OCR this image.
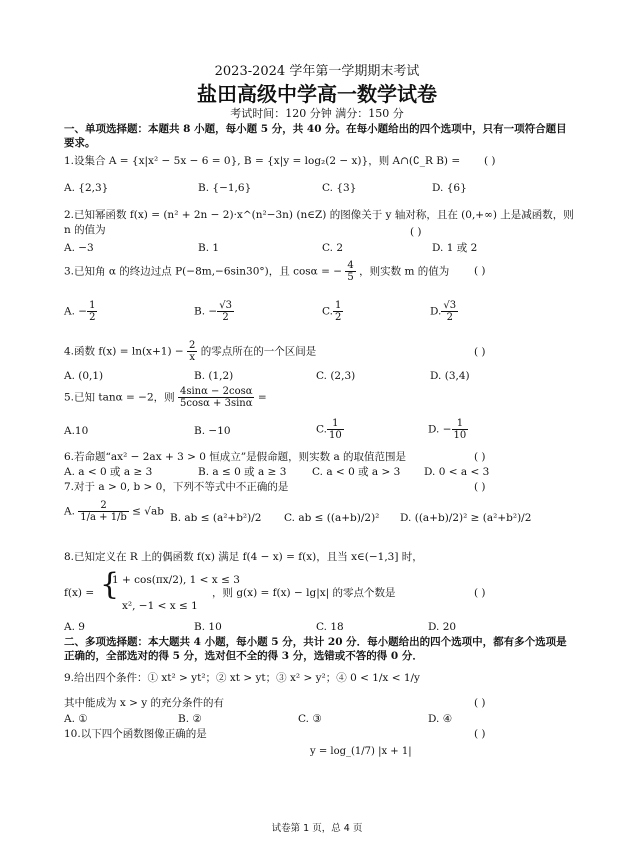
2023-2024 学年第一学期期末考试
盐田高级中学高一数学试卷
考试时间：120 分钟 满分：150 分
一、单项选择题：本题共 8 小题，每小题 5 分，共 40 分。在每小题给出的四个选项中，只有一项符合题目要求。
1.设集合 A = {x|x² − 5x − 6 = 0}, B = {x|y = log₂(2 − x)}，则 A∩(∁_R B) = ( )
A. {2,3}	B. {−1,6}	C. {3}	D. {6}
2.已知幂函数 f(x) = (n² + 2n − 2)·x^(n²−3n) (n∈Z) 的图像关于 y 轴对称，且在 (0,+∞) 上是减函数，则 n 的值为	( )
A. −3	B. 1	C. 2	D. 1 或 2
3.已知角 α 的终边过点 P(−8m,−6sin30°)，且 cosα = − $\frac{4}{5}$ ，则实数 m 的值为 ( )
A. − $\frac{1}{2}$	B. − $\frac{√3}{2}$	C. $\frac{1}{2}$	D. $\frac{√3}{2}$
4.函数 $f(x) = \ln(x+1) - \frac{2}{x}$ 的零点所在的一个区间是	( )
A. (0,1)	B. (1,2)	C. (2,3)	D. (3,4)
5.已知 tanα = −2，则 $\frac{4\sin\alpha - 2\cos\alpha}{5\cos\alpha + 3\sin\alpha}$ =
A.10	B. −10	C. $\frac{1}{10}$	D. − $\frac{1}{10}$
6.若命题“ax² − 2ax + 3 > 0 恒成立”是假命题，则实数 a 的取值范围是	( )
A. a < 0 或 a ≥ 3	B. a ≤ 0 或 a ≥ 3 C. a < 0 或 a > 3 D. 0 < a < 3
7.对于 a > 0, b > 0，下列不等式中不正确的是	( )
A. $\frac{2}{1/a + 1/b} \le √ab$
B. ab ≤ (a²+b²)/2 C. ab ≤ ((a+b)/2)² D. ((a+b)/2)² ≥ (a²+b²)/2
8.已知定义在 R 上的偶函数 f(x) 满足 f(4 − x) = f(x)，且当 x∈(−1,3] 时，
f(x) = {
1 + cos(πx/2), 1 < x ≤ 3
x², −1 < x ≤ 1
，则 g(x) = f(x) − lg|x| 的零点个数是	( )
A. 9	B. 10	C. 18	D. 20
二、多项选择题：本大题共 4 小题，每小题 5 分，共计 20 分．每小题给出的四个选项中，都有多个选项是正确的，全部选对的得 5 分，选对但不全的得 3 分，选错或不答的得 0 分．
9.给出四个条件：① xt² > yt²；② xt > yt；③ x² > y²；④ 0 < 1/x < 1/y
其中能成为 x > y 的充分条件的有	( )
A. ①	B. ②	C. ③	D. ④
10.以下四个函数图像正确的是	( )
y = log_(1/7) |x + 1|
试卷第 1 页，总 4 页
